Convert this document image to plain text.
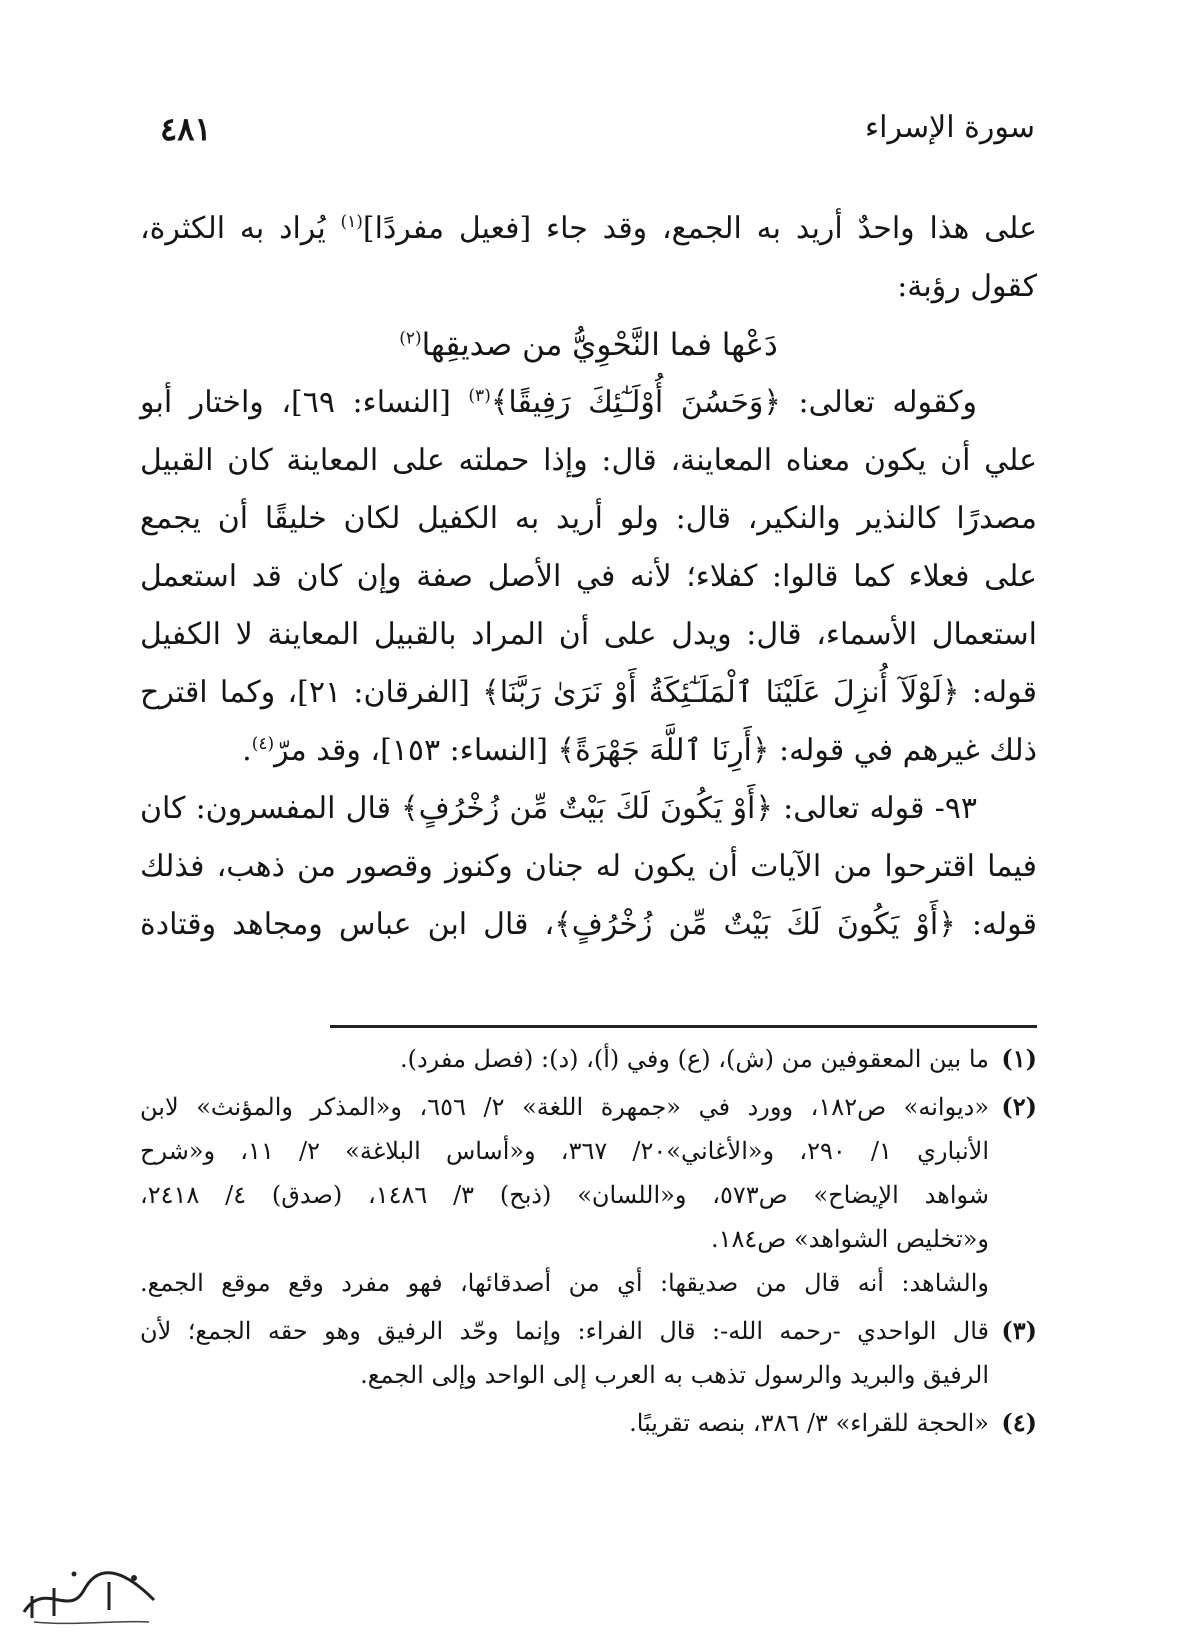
سورة الإسراء
٤٨١
على هذا واحدٌ أريد به الجمع، وقد جاء [فعيل مفردًا]$^{(١)}$ يُراد به الكثرة،
كقول رؤبة:
دَعْها فما النَّحْوِيُّ من صديقِها$^{(٢)}$
وكقوله تعالى: ﴿وَحَسُنَ أُوْلَـٰٓئِكَ رَفِيقًا﴾$^{(٣)}$ [النساء: ٦٩]، واختار أبو
علي أن يكون معناه المعاينة، قال: وإذا حملته على المعاينة كان القبيل
مصدرًا كالنذير والنكير، قال: ولو أريد به الكفيل لكان خليقًا أن يجمع
على فعلاء كما قالوا: كفلاء؛ لأنه في الأصل صفة وإن كان قد استعمل
استعمال الأسماء، قال: ويدل على أن المراد بالقبيل المعاينة لا الكفيل
قوله: ﴿لَوْلَآ أُنزِلَ عَلَيْنَا ٱلْمَلَـٰٓئِكَةُ أَوْ نَرَىٰ رَبَّنَا﴾ [الفرقان: ٢١]، وكما اقترح
ذلك غيرهم في قوله: ﴿أَرِنَا ٱللَّهَ جَهْرَةً﴾ [النساء: ١٥٣]، وقد مرّ$^{(٤)}$.
٩٣- قوله تعالى: ﴿أَوْ يَكُونَ لَكَ بَيْتٌ مِّن زُخْرُفٍ﴾ قال المفسرون: كان
فيما اقترحوا من الآيات أن يكون له جنان وكنوز وقصور من ذهب، فذلك
قوله: ﴿أَوْ يَكُونَ لَكَ بَيْتٌ مِّن زُخْرُفٍ﴾، قال ابن عباس ومجاهد وقتادة
(١)
ما بين المعقوفين من (ش)، (ع) وفي (أ)، (د): (فصل مفرد).
(٢)
«ديوانه» ص١٨٢، وورد في «جمهرة اللغة» ٢/ ٦٥٦، و«المذكر والمؤنث» لابن
الأنباري ١/ ٢٩٠، و«الأغاني»٢٠/ ٣٦٧، و«أساس البلاغة» ٢/ ١١، و«شرح
شواهد الإيضاح» ص٥٧٣، و«اللسان» (ذبح) ٣/ ١٤٨٦، (صدق) ٤/ ٢٤١٨،
و«تخليص الشواهد» ص١٨٤.
والشاهد: أنه قال من صديقها: أي من أصدقائها، فهو مفرد وقع موقع الجمع.
(٣)
قال الواحدي -رحمه الله-: قال الفراء: وإنما وحّد الرفيق وهو حقه الجمع؛ لأن
الرفيق والبريد والرسول تذهب به العرب إلى الواحد وإلى الجمع.
(٤)
«الحجة للقراء» ٣/ ٣٨٦، بنصه تقريبًا.
